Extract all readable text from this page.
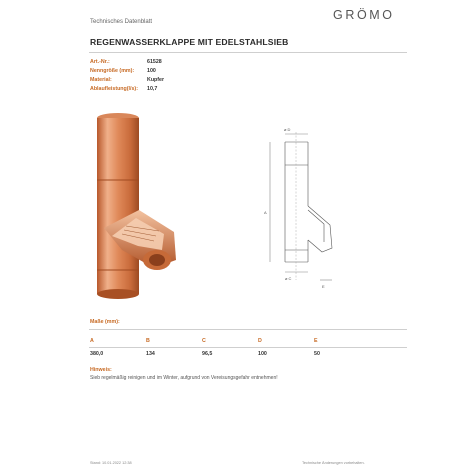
Technisches Datenblatt	GRÖMO
REGENWASSERKLAPPE MIT EDELSTAHLSIEB
Art.-Nr.:	61528
Nenngröße (mm): 100
Material:	Kupfer
Ablaufleistung(l/s): 10,7
ø D
A
ø C
E
Maße (mm):
A	B	C	D	E
380,0	134	96,5	100	50
Hinweis:
Sieb regelmäßig reinigen und im Winter, aufgrund von Vereisungsgefahr entnehmen!
Stand: 10.01.2022 12:38	Technische Änderungen vorbehalten.
